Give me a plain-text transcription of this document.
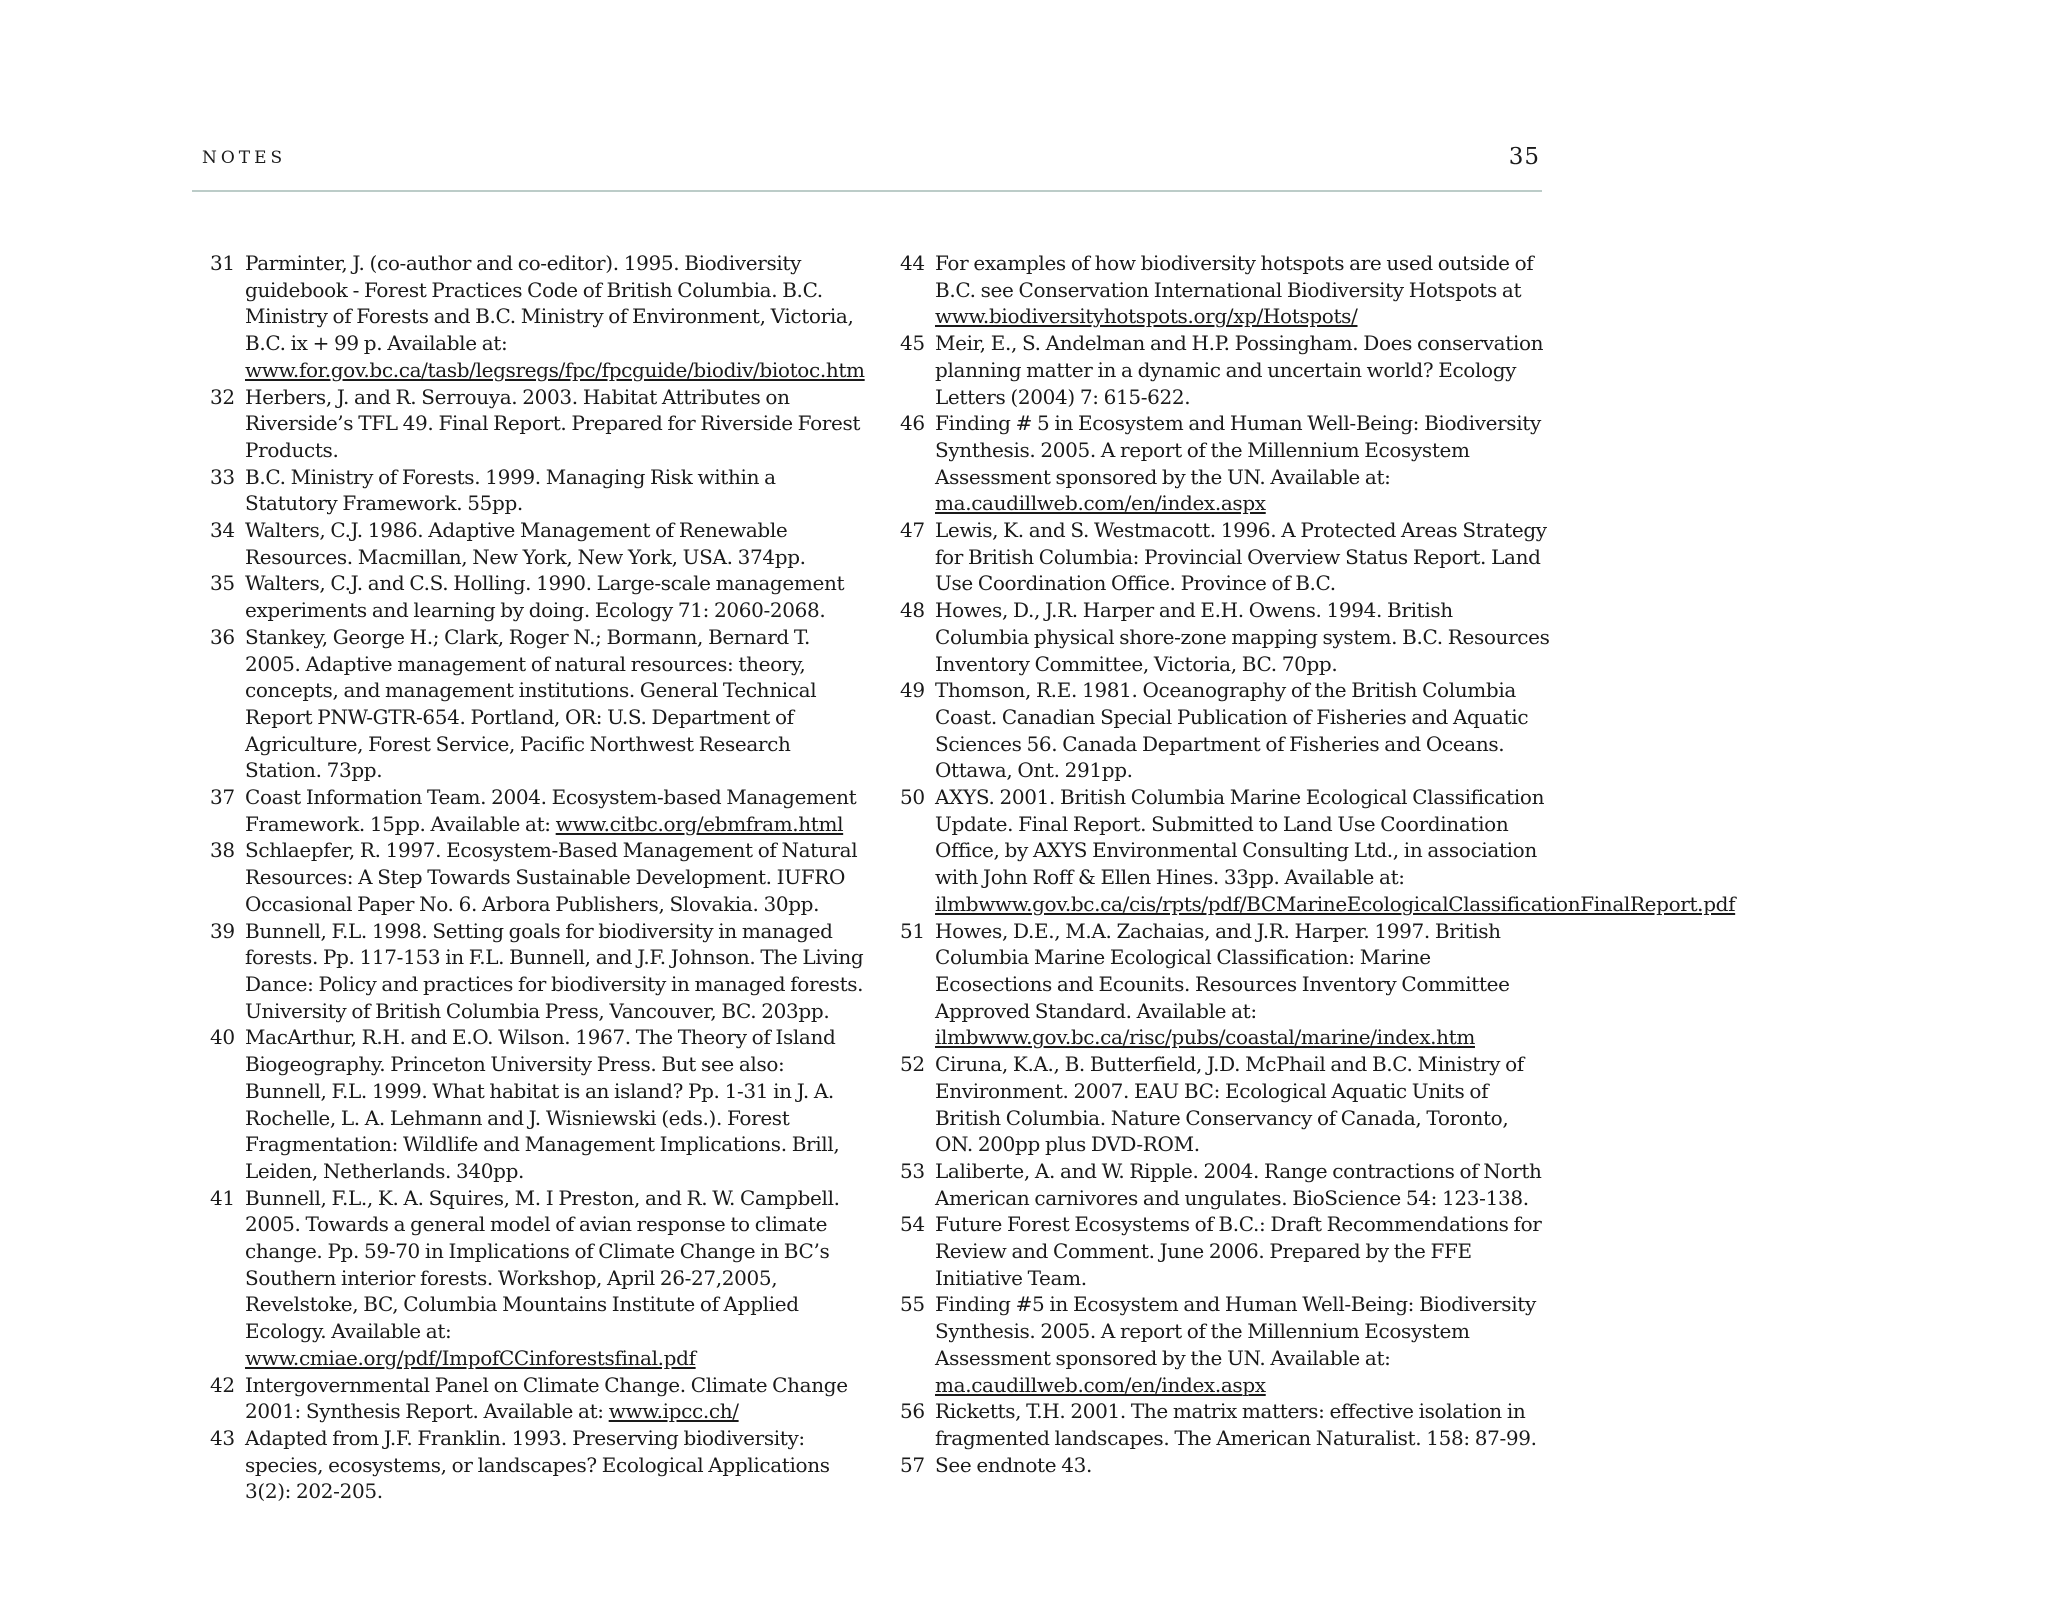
NOTES	35

31 Parminter, J. (co-author and co-editor). 1995. Biodiversity guidebook - Forest Practices Code of British Columbia. B.C. Ministry of Forests and B.C. Ministry of Environment, Victoria, B.C. ix + 99 p. Available at: www.for.gov.bc.ca/tasb/legsregs/fpc/fpcguide/biodiv/biotoc.htm

32 Herbers, J. and R. Serrouya. 2003. Habitat Attributes on Riverside’s TFL 49. Final Report. Prepared for Riverside Forest Products.

33 B.C. Ministry of Forests. 1999. Managing Risk within a Statutory Framework. 55pp.

34 Walters, C.J. 1986. Adaptive Management of Renewable Resources. Macmillan, New York, New York, USA. 374pp.

35 Walters, C.J. and C.S. Holling. 1990. Large-scale management experiments and learning by doing. Ecology 71: 2060-2068.

36 Stankey, George H.; Clark, Roger N.; Bormann, Bernard T. 2005. Adaptive management of natural resources: theory, concepts, and management institutions. General Technical Report PNW-GTR-654. Portland, OR: U.S. Department of Agriculture, Forest Service, Pacific Northwest Research Station. 73pp.

37 Coast Information Team. 2004. Ecosystem-based Management Framework. 15pp. Available at: www.citbc.org/ebmfram.html

38 Schlaepfer, R. 1997. Ecosystem-Based Management of Natural Resources: A Step Towards Sustainable Development. IUFRO Occasional Paper No. 6. Arbora Publishers, Slovakia. 30pp.

39 Bunnell, F.L. 1998. Setting goals for biodiversity in managed forests. Pp. 117-153 in F.L. Bunnell, and J.F. Johnson. The Living Dance: Policy and practices for biodiversity in managed forests. University of British Columbia Press, Vancouver, BC. 203pp.

40 MacArthur, R.H. and E.O. Wilson. 1967. The Theory of Island Biogeography. Princeton University Press. But see also: Bunnell, F.L. 1999. What habitat is an island? Pp. 1-31 in J. A. Rochelle, L. A. Lehmann and J. Wisniewski (eds.). Forest Fragmentation: Wildlife and Management Implications. Brill, Leiden, Netherlands. 340pp.

41 Bunnell, F.L., K. A. Squires, M. I Preston, and R. W. Campbell. 2005. Towards a general model of avian response to climate change. Pp. 59-70 in Implications of Climate Change in BC’s Southern interior forests. Workshop, April 26-27,2005, Revelstoke, BC, Columbia Mountains Institute of Applied Ecology. Available at: www.cmiae.org/pdf/ImpofCCinforestsfinal.pdf

42 Intergovernmental Panel on Climate Change. Climate Change 2001: Synthesis Report. Available at: www.ipcc.ch/

43 Adapted from J.F. Franklin. 1993. Preserving biodiversity: species, ecosystems, or landscapes? Ecological Applications 3(2): 202-205.

44 For examples of how biodiversity hotspots are used outside of B.C. see Conservation International Biodiversity Hotspots at www.biodiversityhotspots.org/xp/Hotspots/

45 Meir, E., S. Andelman and H.P. Possingham. Does conservation planning matter in a dynamic and uncertain world? Ecology Letters (2004) 7: 615-622.

46 Finding # 5 in Ecosystem and Human Well-Being: Biodiversity Synthesis. 2005. A report of the Millennium Ecosystem Assessment sponsored by the UN. Available at: ma.caudillweb.com/en/index.aspx

47 Lewis, K. and S. Westmacott. 1996. A Protected Areas Strategy for British Columbia: Provincial Overview Status Report. Land Use Coordination Office. Province of B.C.

48 Howes, D., J.R. Harper and E.H. Owens. 1994. British Columbia physical shore-zone mapping system. B.C. Resources Inventory Committee, Victoria, BC. 70pp.

49 Thomson, R.E. 1981. Oceanography of the British Columbia Coast. Canadian Special Publication of Fisheries and Aquatic Sciences 56. Canada Department of Fisheries and Oceans. Ottawa, Ont. 291pp.

50 AXYS. 2001. British Columbia Marine Ecological Classification Update. Final Report. Submitted to Land Use Coordination Office, by AXYS Environmental Consulting Ltd., in association with John Roff & Ellen Hines. 33pp. Available at: ilmbwww.gov.bc.ca/cis/rpts/pdf/BCMarineEcologicalClassificationFinalReport.pdf

51 Howes, D.E., M.A. Zachaias, and J.R. Harper. 1997. British Columbia Marine Ecological Classification: Marine Ecosections and Ecounits. Resources Inventory Committee Approved Standard. Available at: ilmbwww.gov.bc.ca/risc/pubs/coastal/marine/index.htm

52 Ciruna, K.A., B. Butterfield, J.D. McPhail and B.C. Ministry of Environment. 2007. EAU BC: Ecological Aquatic Units of British Columbia. Nature Conservancy of Canada, Toronto, ON. 200pp plus DVD-ROM.

53 Laliberte, A. and W. Ripple. 2004. Range contractions of North American carnivores and ungulates. BioScience 54: 123-138.

54 Future Forest Ecosystems of B.C.: Draft Recommendations for Review and Comment. June 2006. Prepared by the FFE Initiative Team.

55 Finding #5 in Ecosystem and Human Well-Being: Biodiversity Synthesis. 2005. A report of the Millennium Ecosystem Assessment sponsored by the UN. Available at: ma.caudillweb.com/en/index.aspx

56 Ricketts, T.H. 2001. The matrix matters: effective isolation in fragmented landscapes. The American Naturalist. 158: 87-99.

57 See endnote 43.
